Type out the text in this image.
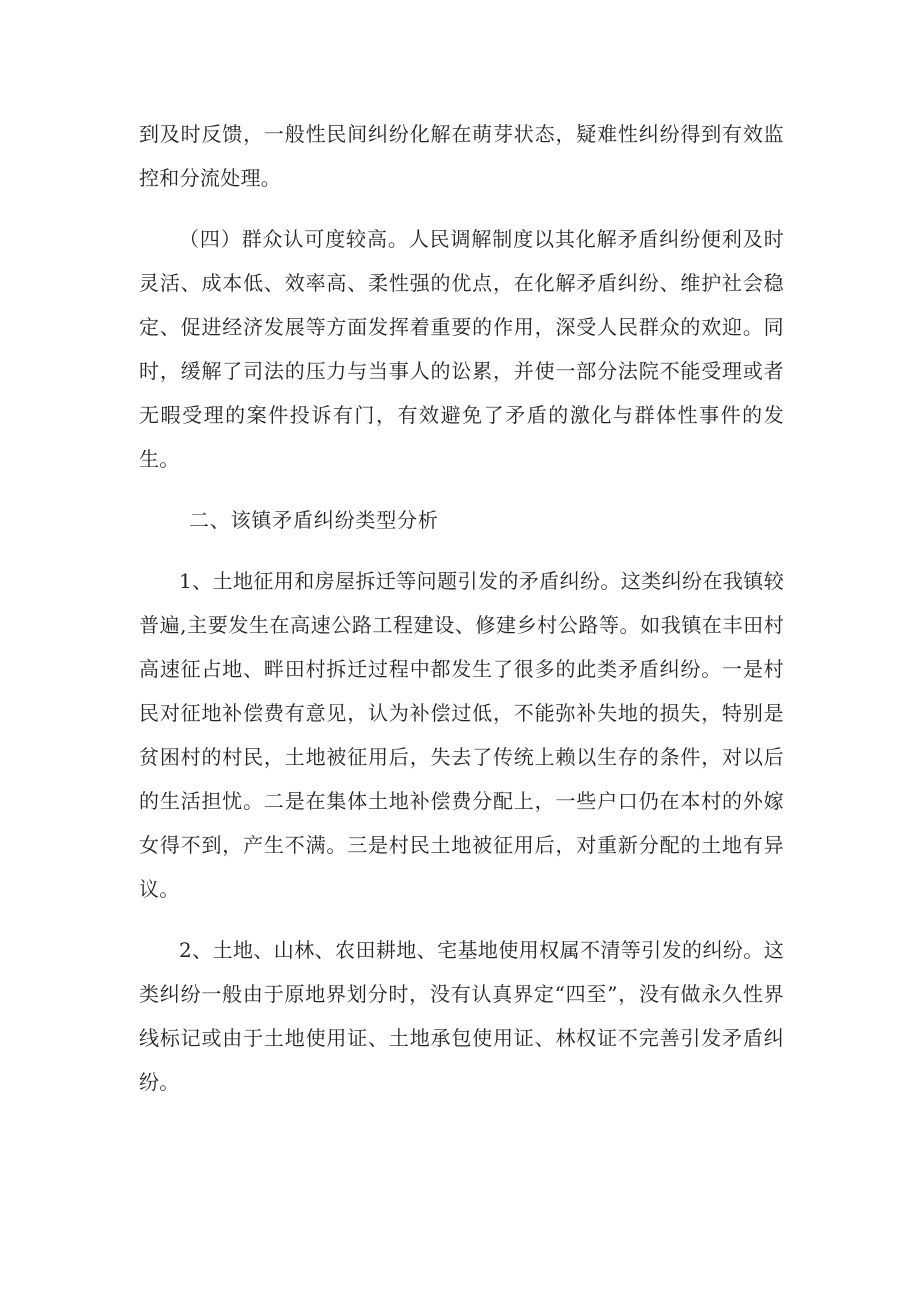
到及时反馈，一般性民间纠纷化解在萌芽状态，疑难性纠纷得到有效监控和分流处理。

（四）群众认可度较高。人民调解制度以其化解矛盾纠纷便利及时灵活、成本低、效率高、柔性强的优点，在化解矛盾纠纷、维护社会稳定、促进经济发展等方面发挥着重要的作用，深受人民群众的欢迎。同时，缓解了司法的压力与当事人的讼累，并使一部分法院不能受理或者无暇受理的案件投诉有门，有效避免了矛盾的激化与群体性事件的发生。

二、该镇矛盾纠纷类型分析

1、土地征用和房屋拆迁等问题引发的矛盾纠纷。这类纠纷在我镇较普遍,主要发生在高速公路工程建设、修建乡村公路等。如我镇在丰田村高速征占地、畔田村拆迁过程中都发生了很多的此类矛盾纠纷。一是村民对征地补偿费有意见，认为补偿过低，不能弥补失地的损失，特别是贫困村的村民，土地被征用后，失去了传统上赖以生存的条件，对以后的生活担忧。二是在集体土地补偿费分配上，一些户口仍在本村的外嫁女得不到，产生不满。三是村民土地被征用后，对重新分配的土地有异议。

2、土地、山林、农田耕地、宅基地使用权属不清等引发的纠纷。这类纠纷一般由于原地界划分时，没有认真界定“四至”，没有做永久性界线标记或由于土地使用证、土地承包使用证、林权证不完善引发矛盾纠纷。
